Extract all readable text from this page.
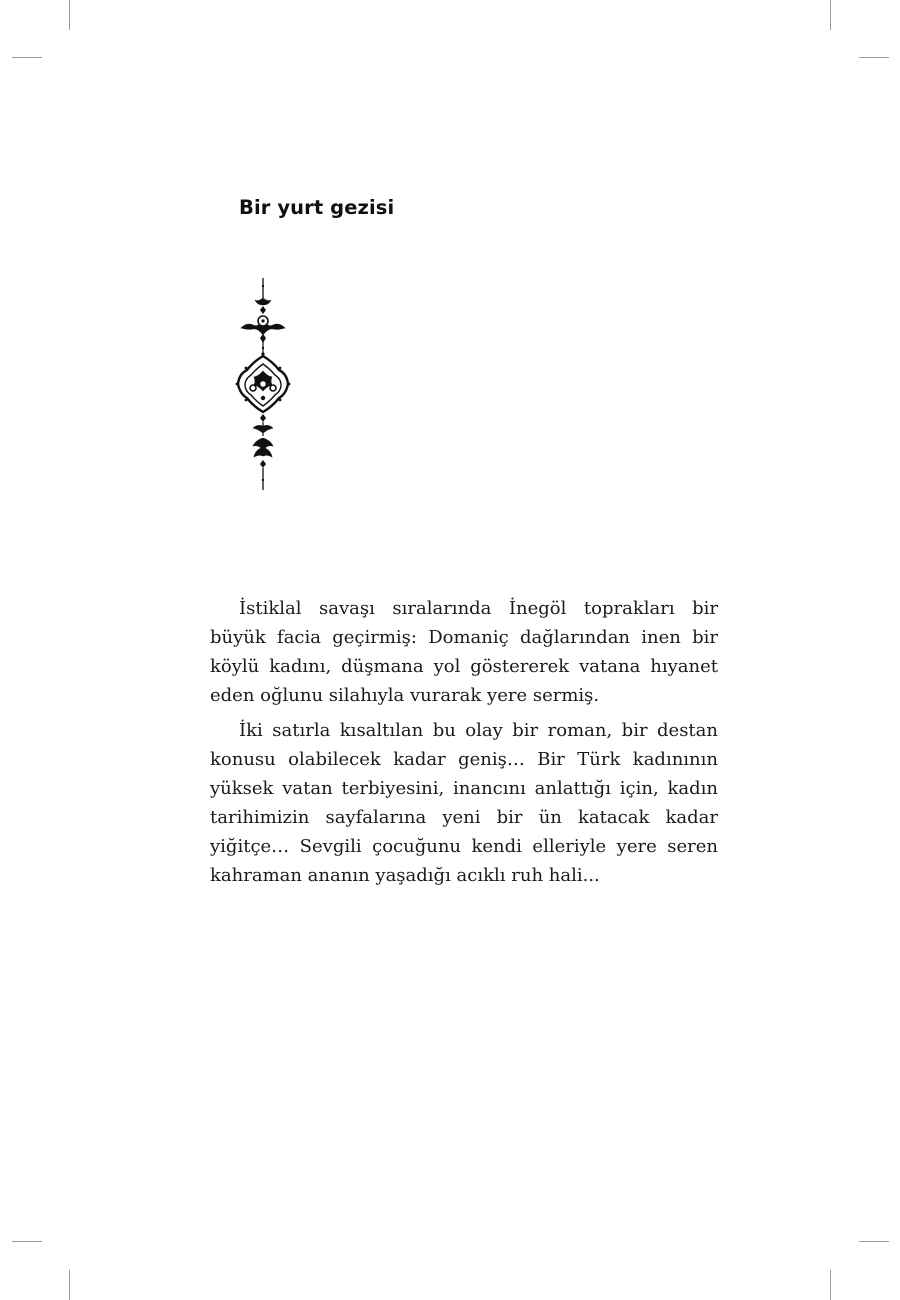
Bir yurt gezisi

İstiklal savaşı sıralarında İnegöl toprakları bir büyük facia geçirmiş: Domaniç dağlarından inen bir köylü kadını, düşmana yol göstererek vatana hıyanet eden oğlunu silahıyla vurarak yere sermiş.

İki satırla kısaltılan bu olay bir roman, bir destan konusu olabilecek kadar geniş… Bir Türk kadınının yüksek vatan terbiyesini, inancını anlattığı için, kadın tarihimizin sayfalarına yeni bir ün katacak kadar yiğitçe… Sevgili çocuğunu kendi elleriyle yere seren kahraman ananın yaşadığı acıklı ruh hali...
